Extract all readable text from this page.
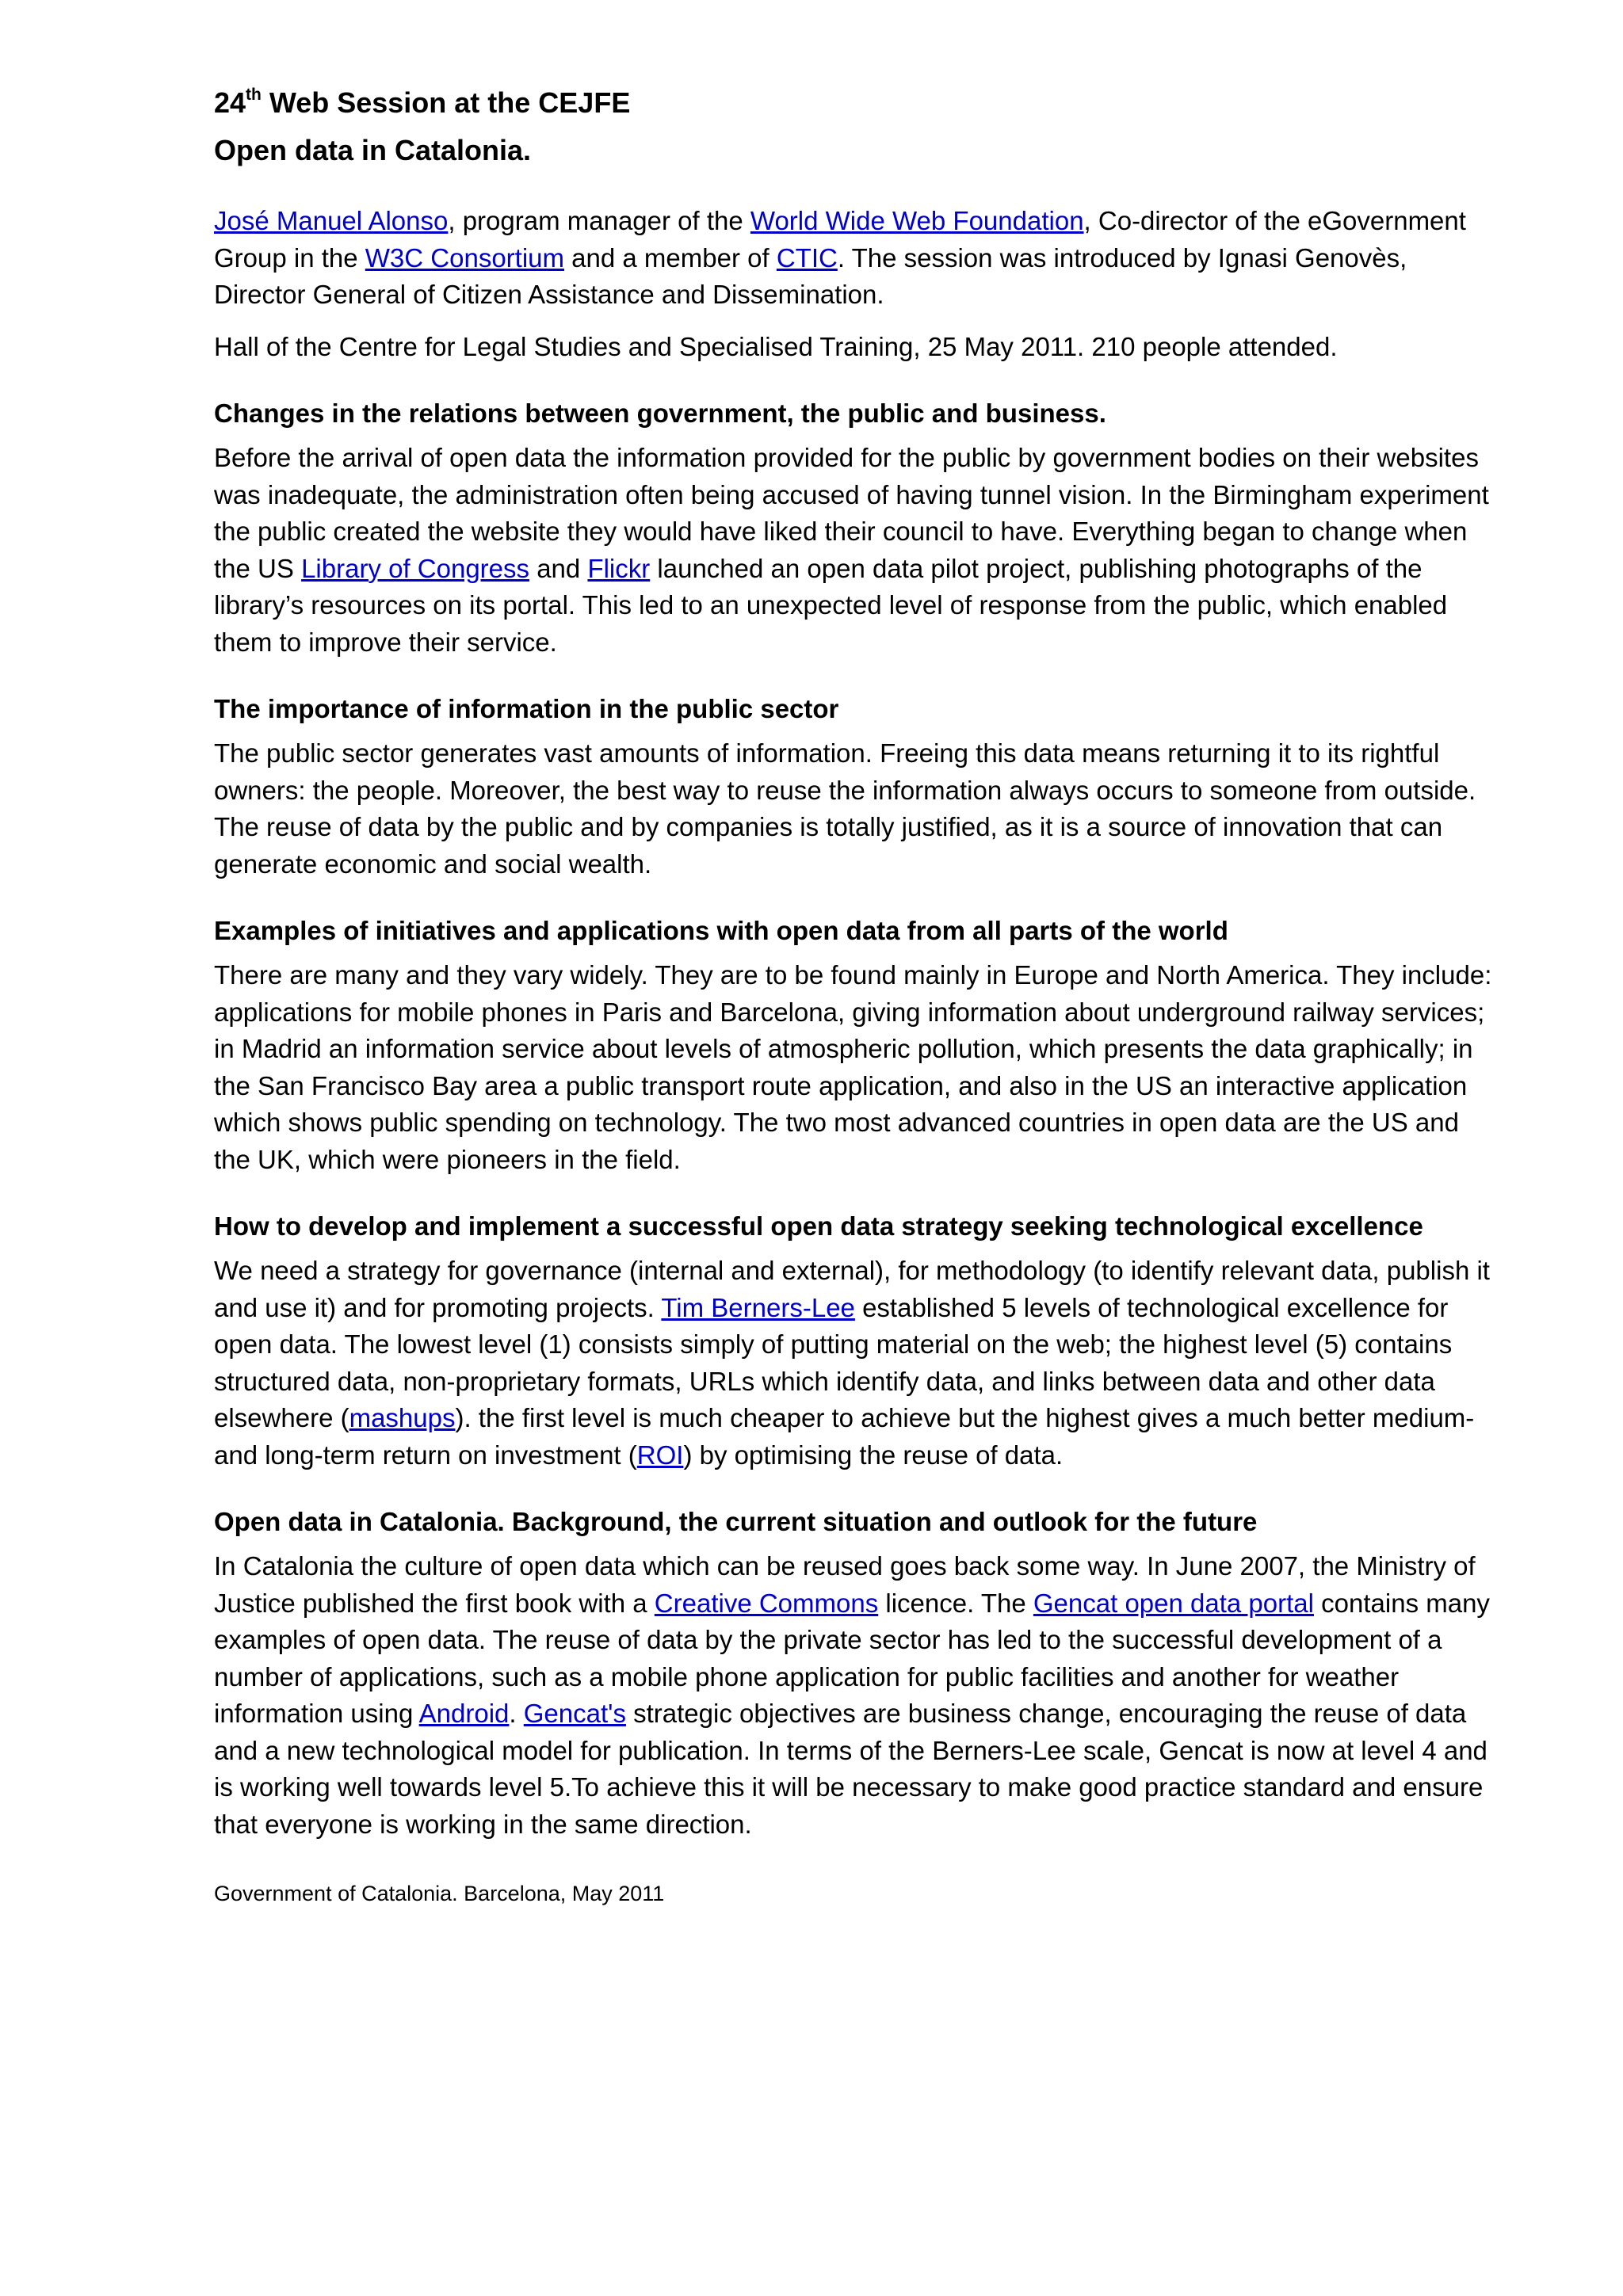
24th Web Session at the CEJFE
Open data in Catalonia.

José Manuel Alonso, program manager of the World Wide Web Foundation, Co-director of the eGovernment Group in the W3C Consortium and a member of CTIC. The session was introduced by Ignasi Genovès, Director General of Citizen Assistance and Dissemination.

Hall of the Centre for Legal Studies and Specialised Training, 25 May 2011. 210 people attended.

Changes in the relations between government, the public and business.

Before the arrival of open data the information provided for the public by government bodies on their websites was inadequate, the administration often being accused of having tunnel vision. In the Birmingham experiment the public created the website they would have liked their council to have. Everything began to change when the US Library of Congress and Flickr launched an open data pilot project, publishing photographs of the library’s resources on its portal. This led to an unexpected level of response from the public, which enabled them to improve their service.

The importance of information in the public sector

The public sector generates vast amounts of information. Freeing this data means returning it to its rightful owners: the people. Moreover, the best way to reuse the information always occurs to someone from outside. The reuse of data by the public and by companies is totally justified, as it is a source of innovation that can generate economic and social wealth.

Examples of initiatives and applications with open data from all parts of the world

There are many and they vary widely. They are to be found mainly in Europe and North America. They include: applications for mobile phones in Paris and Barcelona, giving information about underground railway services; in Madrid an information service about levels of atmospheric pollution, which presents the data graphically; in the San Francisco Bay area a public transport route application, and also in the US an interactive application which shows public spending on technology. The two most advanced countries in open data are the US and the UK, which were pioneers in the field.

How to develop and implement a successful open data strategy seeking technological excellence

We need a strategy for governance (internal and external), for methodology (to identify relevant data, publish it and use it) and for promoting projects. Tim Berners-Lee established 5 levels of technological excellence for open data. The lowest level (1) consists simply of putting material on the web; the highest level (5) contains structured data, non-proprietary formats, URLs which identify data, and links between data and other data elsewhere (mashups). the first level is much cheaper to achieve but the highest gives a much better medium- and long-term return on investment (ROI) by optimising the reuse of data.

Open data in Catalonia. Background, the current situation and outlook for the future

In Catalonia the culture of open data which can be reused goes back some way. In June 2007, the Ministry of Justice published the first book with a Creative Commons licence. The Gencat open data portal contains many examples of open data. The reuse of data by the private sector has led to the successful development of a number of applications, such as a mobile phone application for public facilities and another for weather information using Android. Gencat's strategic objectives are business change, encouraging the reuse of data and a new technological model for publication. In terms of the Berners-Lee scale, Gencat is now at level 4 and is working well towards level 5.To achieve this it will be necessary to make good practice standard and ensure that everyone is working in the same direction.

Government of Catalonia. Barcelona, May 2011
